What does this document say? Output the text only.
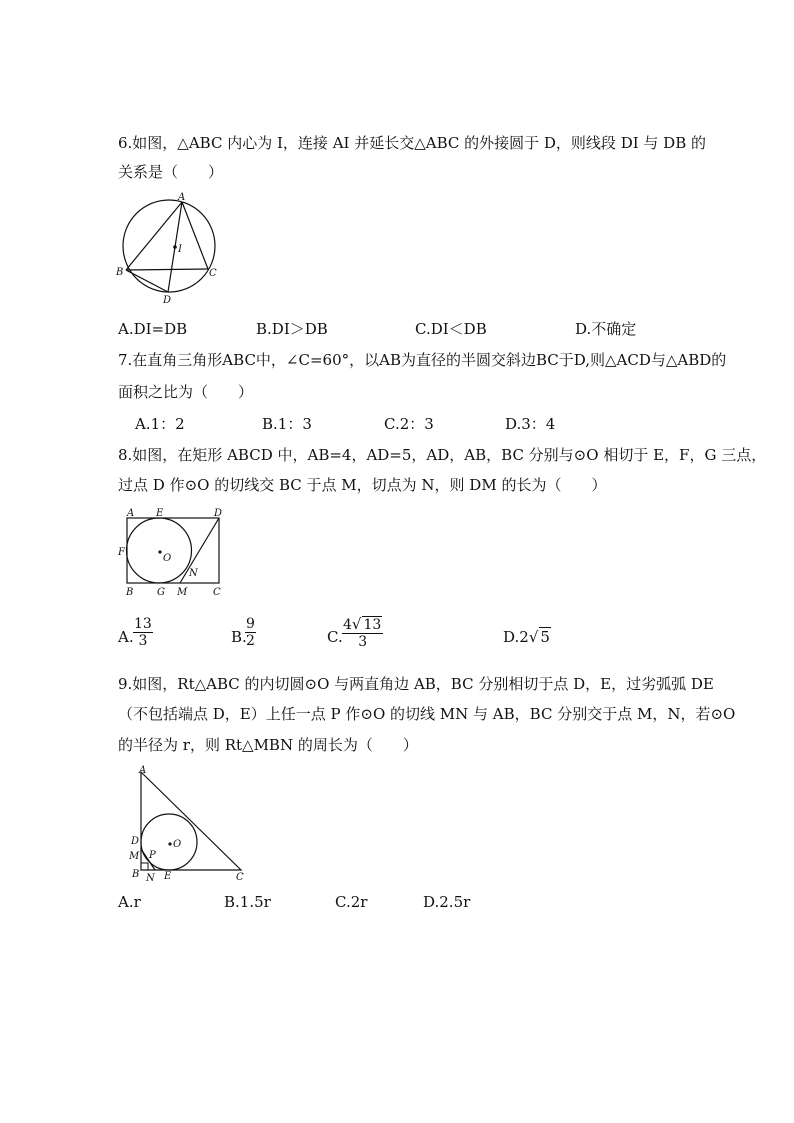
6.如图，△ABC 内心为 I，连接 AI 并延长交△ABC 的外接圆于 D，则线段 DI 与 DB 的
关系是（　　）
A
I
B	C
D
A.DI=DB	B.DI＞DB	C.DI＜DB	D.不确定
7.在直角三角形ABC中，∠C=60°，以AB为直径的半圆交斜边BC于D,则△ACD与△ABD的
面积之比为（　　）
A.1：2	B.1：3	C.2：3	D.3：4
8.如图，在矩形 ABCD 中，AB=4，AD=5，AD，AB，BC 分别与⊙O 相切于 E，F，G 三点，
过点 D 作⊙O 的切线交 BC 于点 M，切点为 N，则 DM 的长为（　　）
A E	D
F
O
N
B G M	C
A.
13
3	B.
9
2	C.
4√ 13
3	D.2√ 5
9.如图，Rt△ABC 的内切圆⊙O 与两直角边 AB，BC 分别相切于点 D，E，过劣弧弧 DE
（不包括端点 D，E）上任一点 P 作⊙O 的切线 MN 与 AB，BC 分别交于点 M，N，若⊙O
的半径为 r，则 Rt△MBN 的周长为（　　）
A
D	O
M P
B N E	C
A.r	B.1.5r	C.2r	D.2.5r
